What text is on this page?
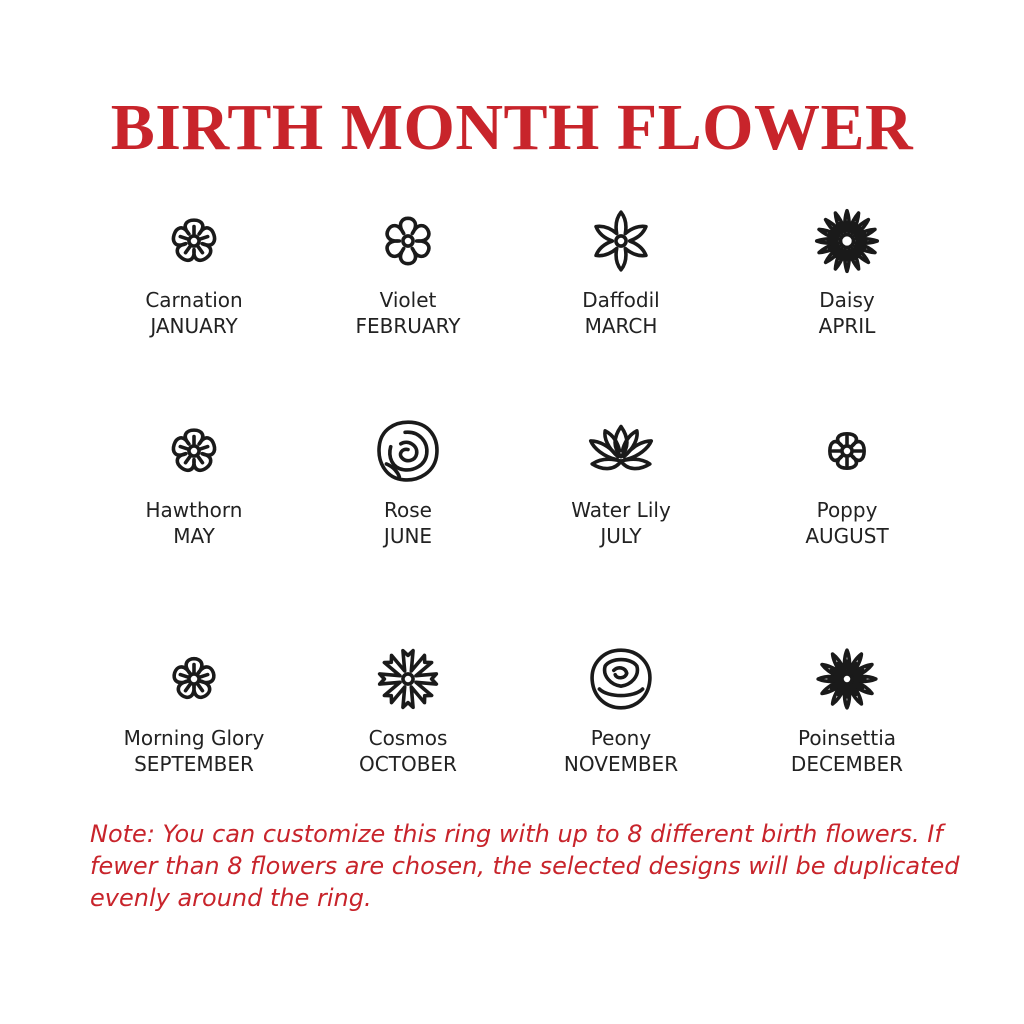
BIRTH MONTH FLOWER
Carnation
JANUARY
Violet
FEBRUARY
Daffodil
MARCH
Daisy
APRIL
Hawthorn
MAY
Rose
JUNE
Water Lily
JULY
Poppy
AUGUST
Morning Glory
SEPTEMBER
Cosmos
OCTOBER
Peony
NOVEMBER
Poinsettia
DECEMBER
Note: You can customize this ring with up to 8 different birth flowers. If fewer than 8 flowers are chosen, the selected designs will be duplicated evenly around the ring.
